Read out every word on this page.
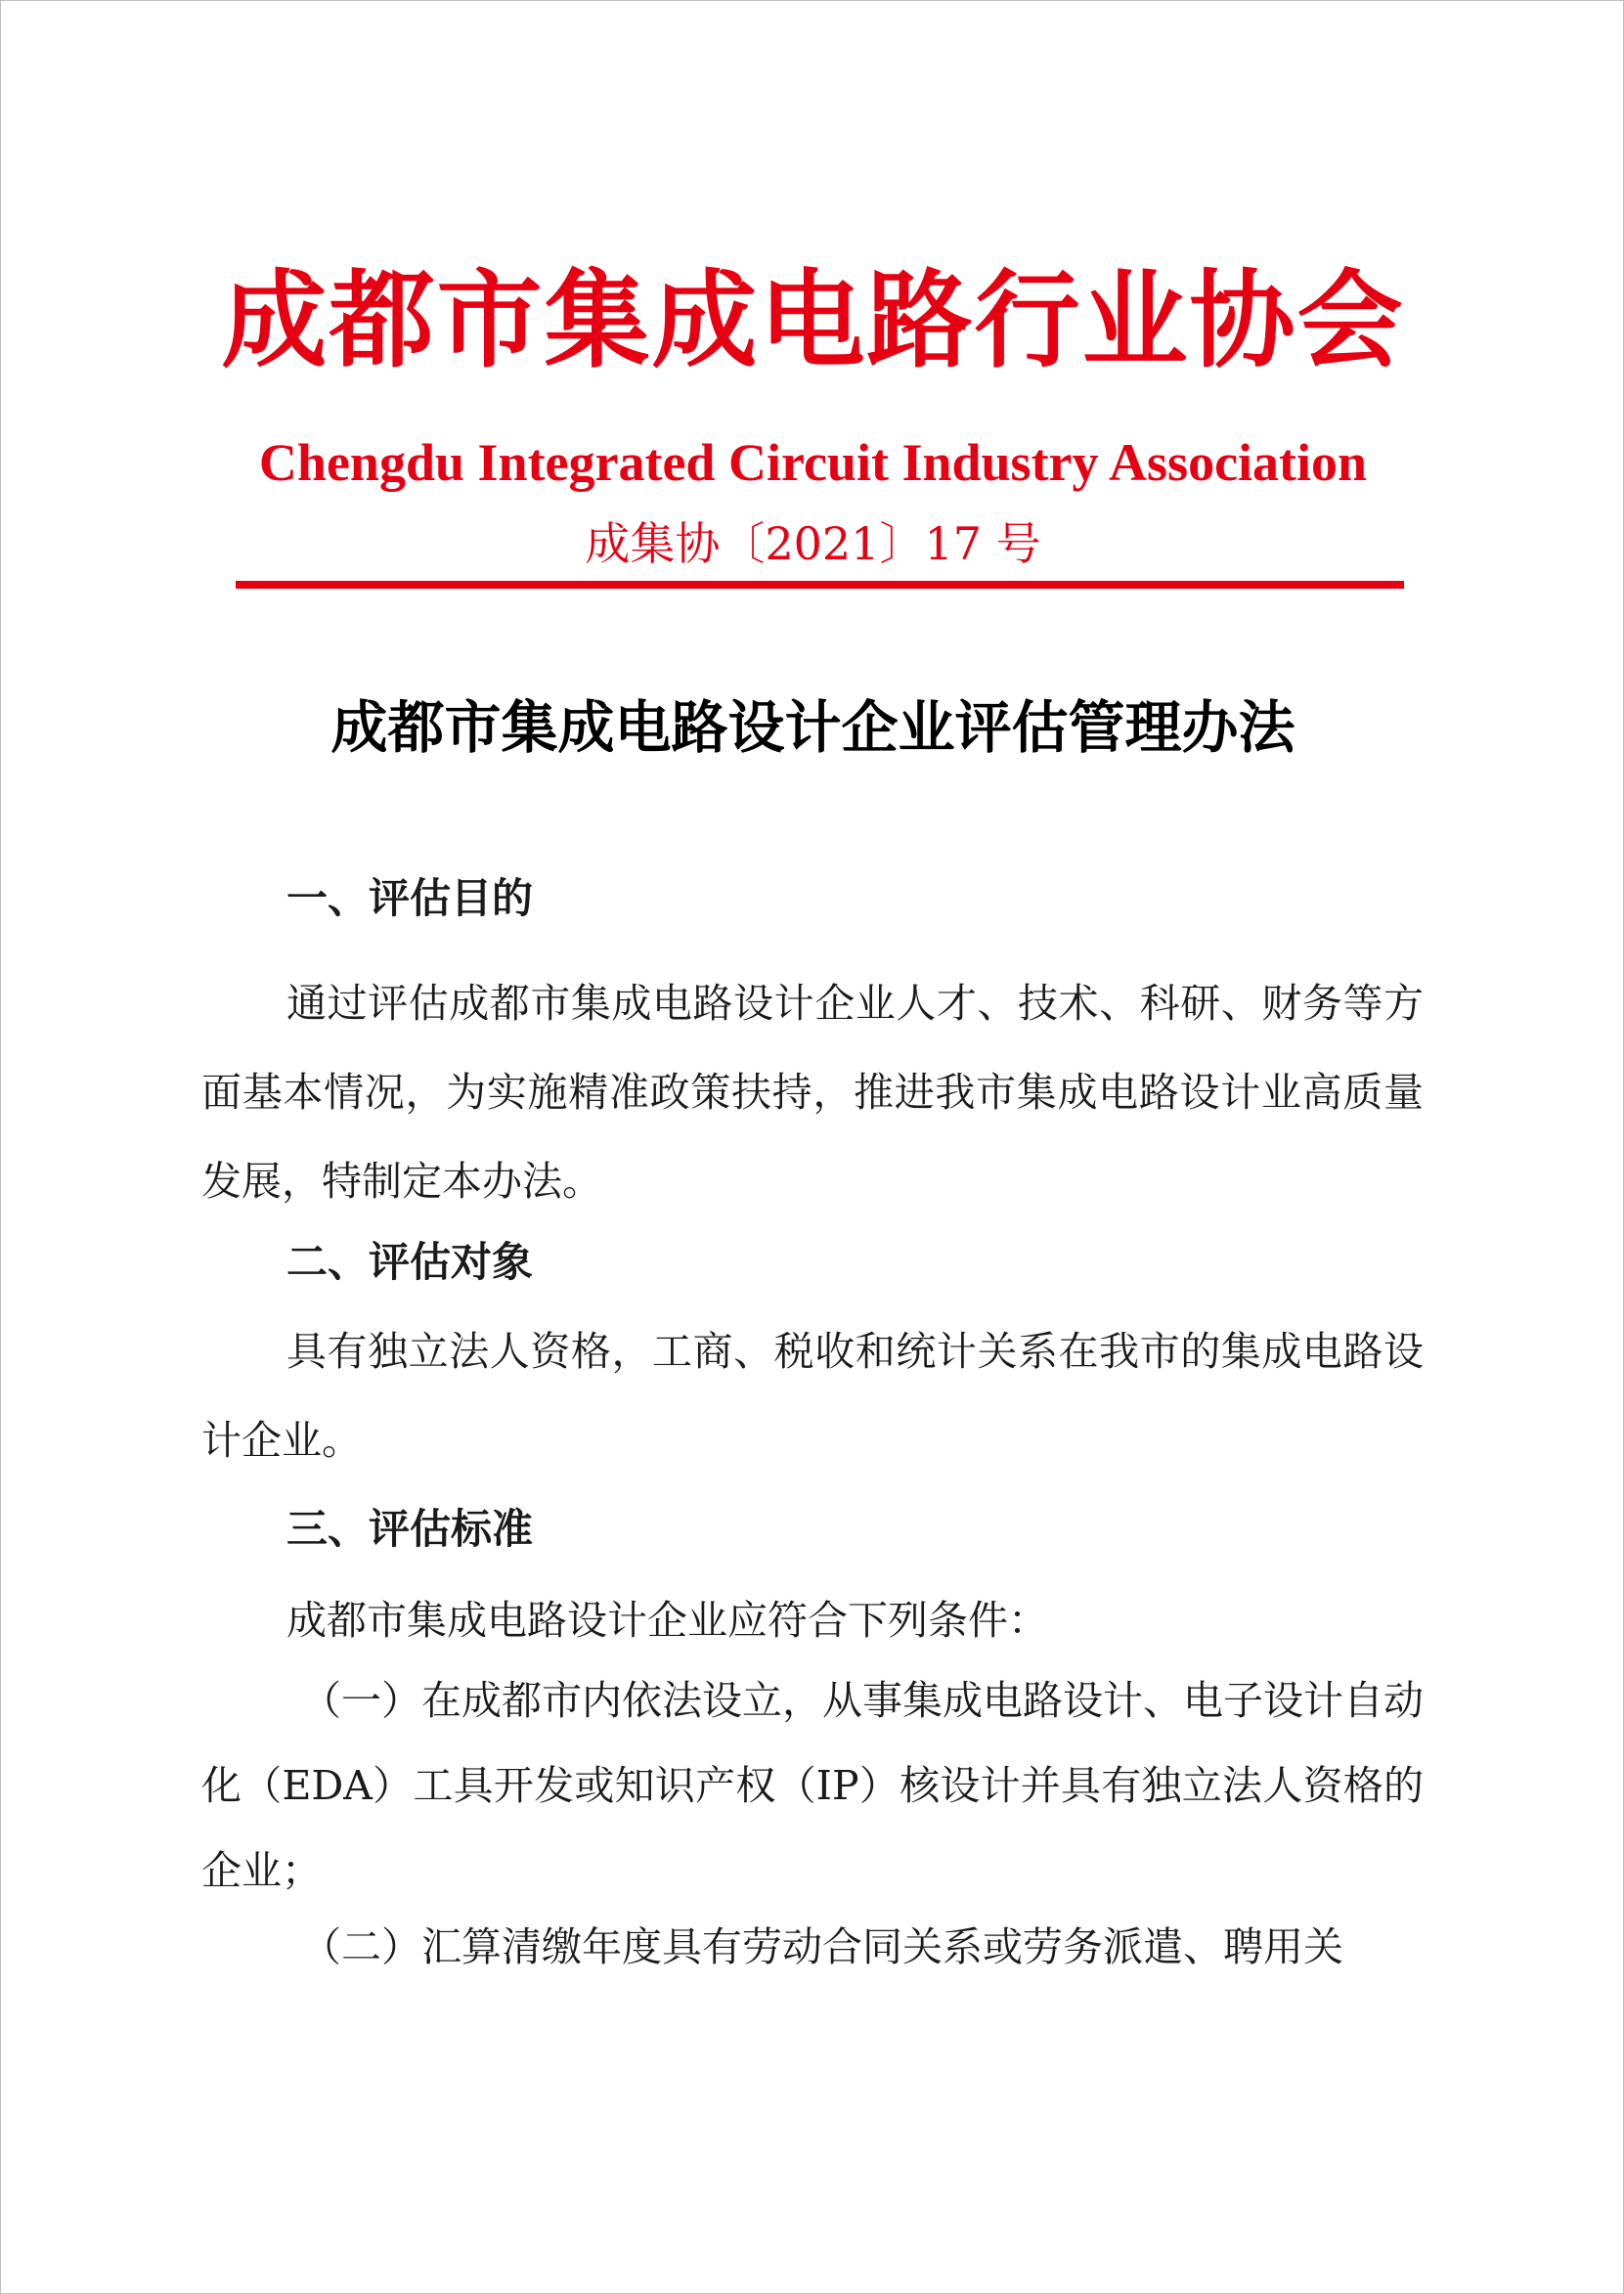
成都市集成电路行业协会

Chengdu Integrated Circuit Industry Association

成集协〔2021〕17 号

成都市集成电路设计企业评估管理办法
一、评估目的

通过评估成都市集成电路设计企业人才、技术、科研、财务等方面基本情况，为实施精准政策扶持，推进我市集成电路设计业高质量发展，特制定本办法。

二、评估对象

具有独立法人资格，工商、税收和统计关系在我市的集成电路设计企业。

三、评估标准

成都市集成电路设计企业应符合下列条件：

（一）在成都市内依法设立，从事集成电路设计、电子设计自动化（EDA）工具开发或知识产权（IP）核设计并具有独立法人资格的企业；

（二）汇算清缴年度具有劳动合同关系或劳务派遣、聘用关
